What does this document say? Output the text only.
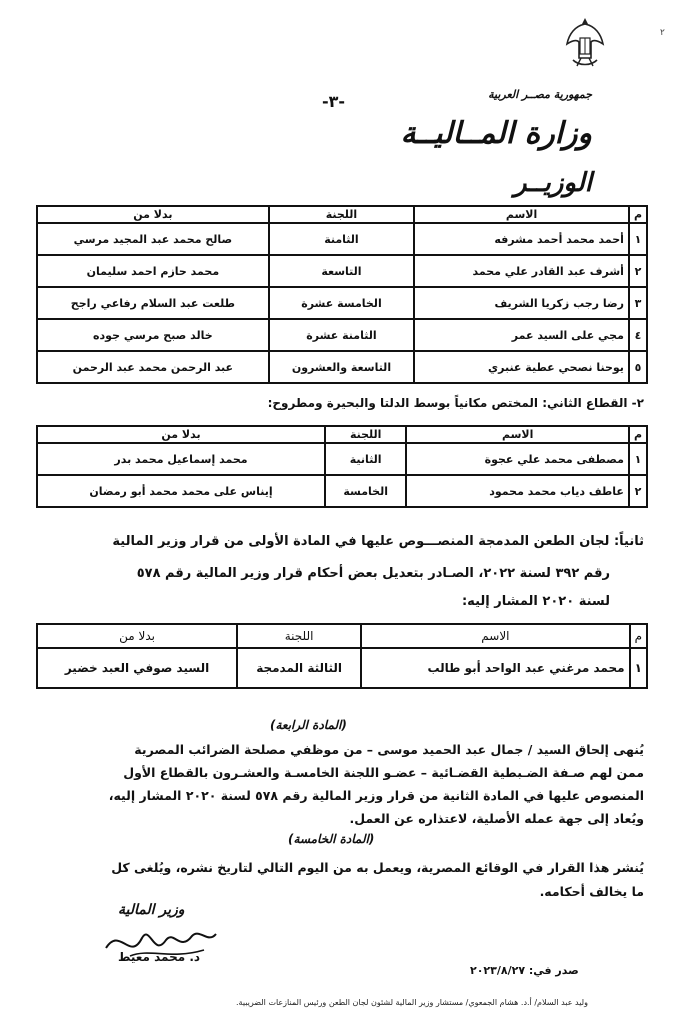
٢
جمهورية مصــر العربية
-٣-
وزارة المــاليــة
الوزيــر
م	الاسم	اللجنة	بدلا من
١	أحمد محمد أحمد مشرفه	الثامنة	صالح محمد عبد المجيد مرسي
٢	أشرف عبد القادر علي محمد	التاسعة	محمد حازم احمد سليمان
٣	رضا رجب زكريا الشريف	الخامسة عشرة	طلعت عبد السلام رفاعي راجح
٤	مجي على السيد عمر	الثامنة عشرة	خالد صبح مرسي جوده
٥	يوحنا نصحي عطية عنبري	التاسعة والعشرون	عبد الرحمن محمد عبد الرحمن
٢- القطاع الثاني: المختص مكانياً بوسط الدلتا والبحيرة ومطروح:
م	الاسم	اللجنة	بدلا من
١	مصطفى محمد علي عجوة	الثانية	محمد إسماعيل محمد بدر
٢	عاطف دياب محمد محمود	الخامسة	إيناس على محمد محمد أبو رمضان
ثانياً: لجان الطعن المدمجة المنصـــوص عليها في المادة الأولى من قرار وزير المالية
رقم ٣٩٢ لسنة ٢٠٢٢، الصـادر بتعديل بعض أحكام قرار وزير المالية رقم ٥٧٨
لسنة ٢٠٢٠ المشار إليه:
م	الاسم	اللجنة	بدلا من
١	محمد مرغني عبد الواحد أبو طالب	الثالثة المدمجة	السيد صوفي العبد خضير
(المادة الرابعة)
يُنهى إلحاق السيد / جمال عبد الحميد موسى – من موظفي مصلحة الضرائب المصرية
ممن لهم صـفة الضـبطية القضـائية – عضـو اللجنة الخامسـة والعشـرون بالقطاع الأول
المنصوص عليها في المادة الثانية من قرار وزير المالية رقم ٥٧٨ لسنة ٢٠٢٠ المشار إليه،
ويُعاد إلى جهة عمله الأصلية، لاعتذاره عن العمل.
(المادة الخامسة)
يُنشر هذا القرار في الوقائع المصرية، ويعمل به من اليوم التالي لتاريخ نشره، ويُلغى كل
ما يخالف أحكامه.
وزير المالية
د. محمد معيط
صدر في: ٢٠٢٣/٨/٢٧
وليد عبد السلام/ أ.د. هشام الجمعوي/ مستشار وزير المالية لشئون لجان الطعن ورئيس المنازعات الضريبية.
